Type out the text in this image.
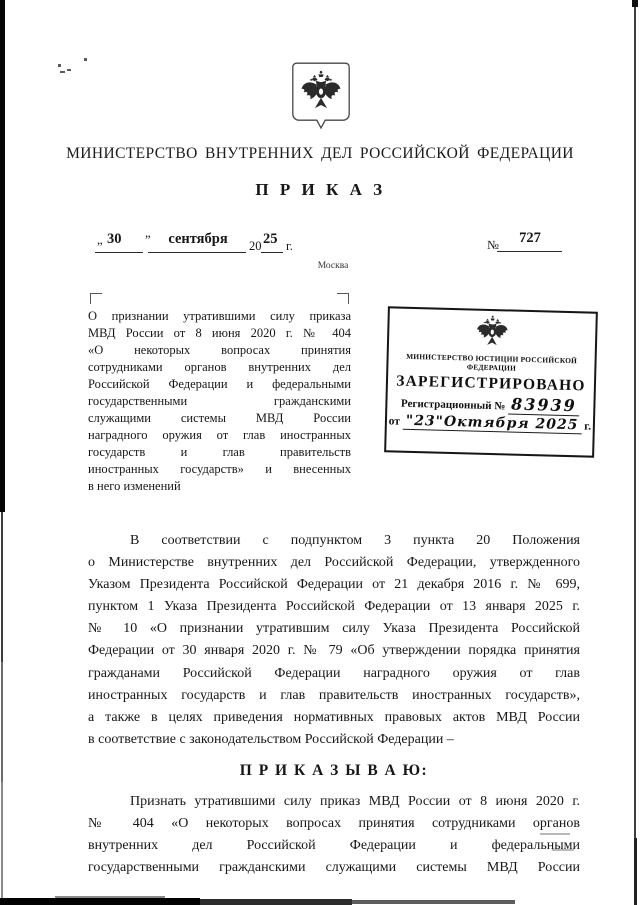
МИНИСТЕРСТВО ВНУТРЕННИХ ДЕЛ РОССИЙСКОЙ ФЕДЕРАЦИИ
П Р И К А З
„ 30 ”	сентября	20 25 г.	№	727
Москва
О признании утратившими силу приказа
МВД России от 8 июня 2020 г. № 404
«О некоторых вопросах принятия
сотрудниками органов внутренних дел
Российской Федерации и федеральными
государственными гражданскими
служащими системы МВД России
наградного оружия от глав иностранных
государств и глав правительств
иностранных государств» и внесенных
в него изменений
МИНИСТЕРСТВО ЮСТИЦИИ РОССИЙСКОЙ ФЕДЕРАЦИИ
ЗАРЕГИСТРИРОВАНО
Регистрационный № 83939
от "23"Октября 2025 г.
В соответствии с подпунктом 3 пункта 20 Положения
о Министерстве внутренних дел Российской Федерации, утвержденного
Указом Президента Российской Федерации от 21 декабря 2016 г. № 699,
пунктом 1 Указа Президента Российской Федерации от 13 января 2025 г.
№ 10 «О признании утратившим силу Указа Президента Российской
Федерации от 30 января 2020 г. № 79 «Об утверждении порядка принятия
гражданами Российской Федерации наградного оружия от глав
иностранных государств и глав правительств иностранных государств»,
а также в целях приведения нормативных правовых актов МВД России
в соответствие с законодательством Российской Федерации –
П Р И К А З Ы В А Ю:
Признать утратившими силу приказ МВД России от 8 июня 2020 г.
№ 404 «О некоторых вопросах принятия сотрудниками органов
внутренних дел Российской Федерации и федеральными
государственными гражданскими служащими системы МВД России
